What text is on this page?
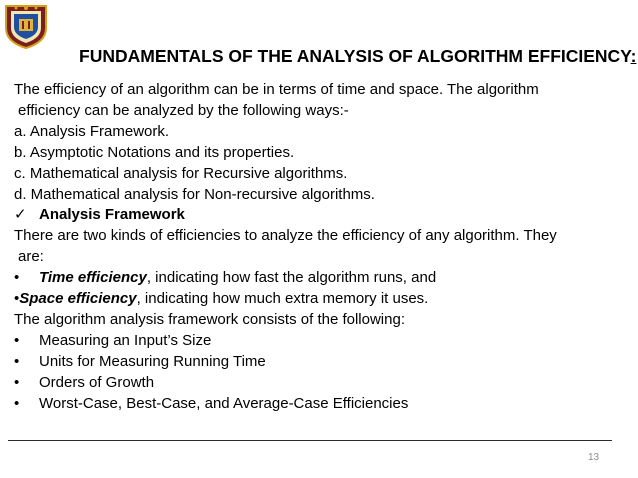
FUNDAMENTALS OF THE ANALYSIS OF ALGORITHM EFFICIENCY:
The efficiency of an algorithm can be in terms of time and space. The algorithm
efficiency can be analyzed by the following ways:-
a. Analysis Framework.
b. Asymptotic Notations and its properties.
c. Mathematical analysis for Recursive algorithms.
d. Mathematical analysis for Non-recursive algorithms.
✓ Analysis Framework
There are two kinds of efficiencies to analyze the efficiency of any algorithm. They
are:
•	Time efficiency , indicating how fast the algorithm runs, and
• Space efficiency , indicating how much extra memory it uses.
The algorithm analysis framework consists of the following:
•	Measuring an Input’s Size
•	Units for Measuring Running Time
•	Orders of Growth
•	Worst-Case, Best-Case, and Average-Case Efficiencies
13
